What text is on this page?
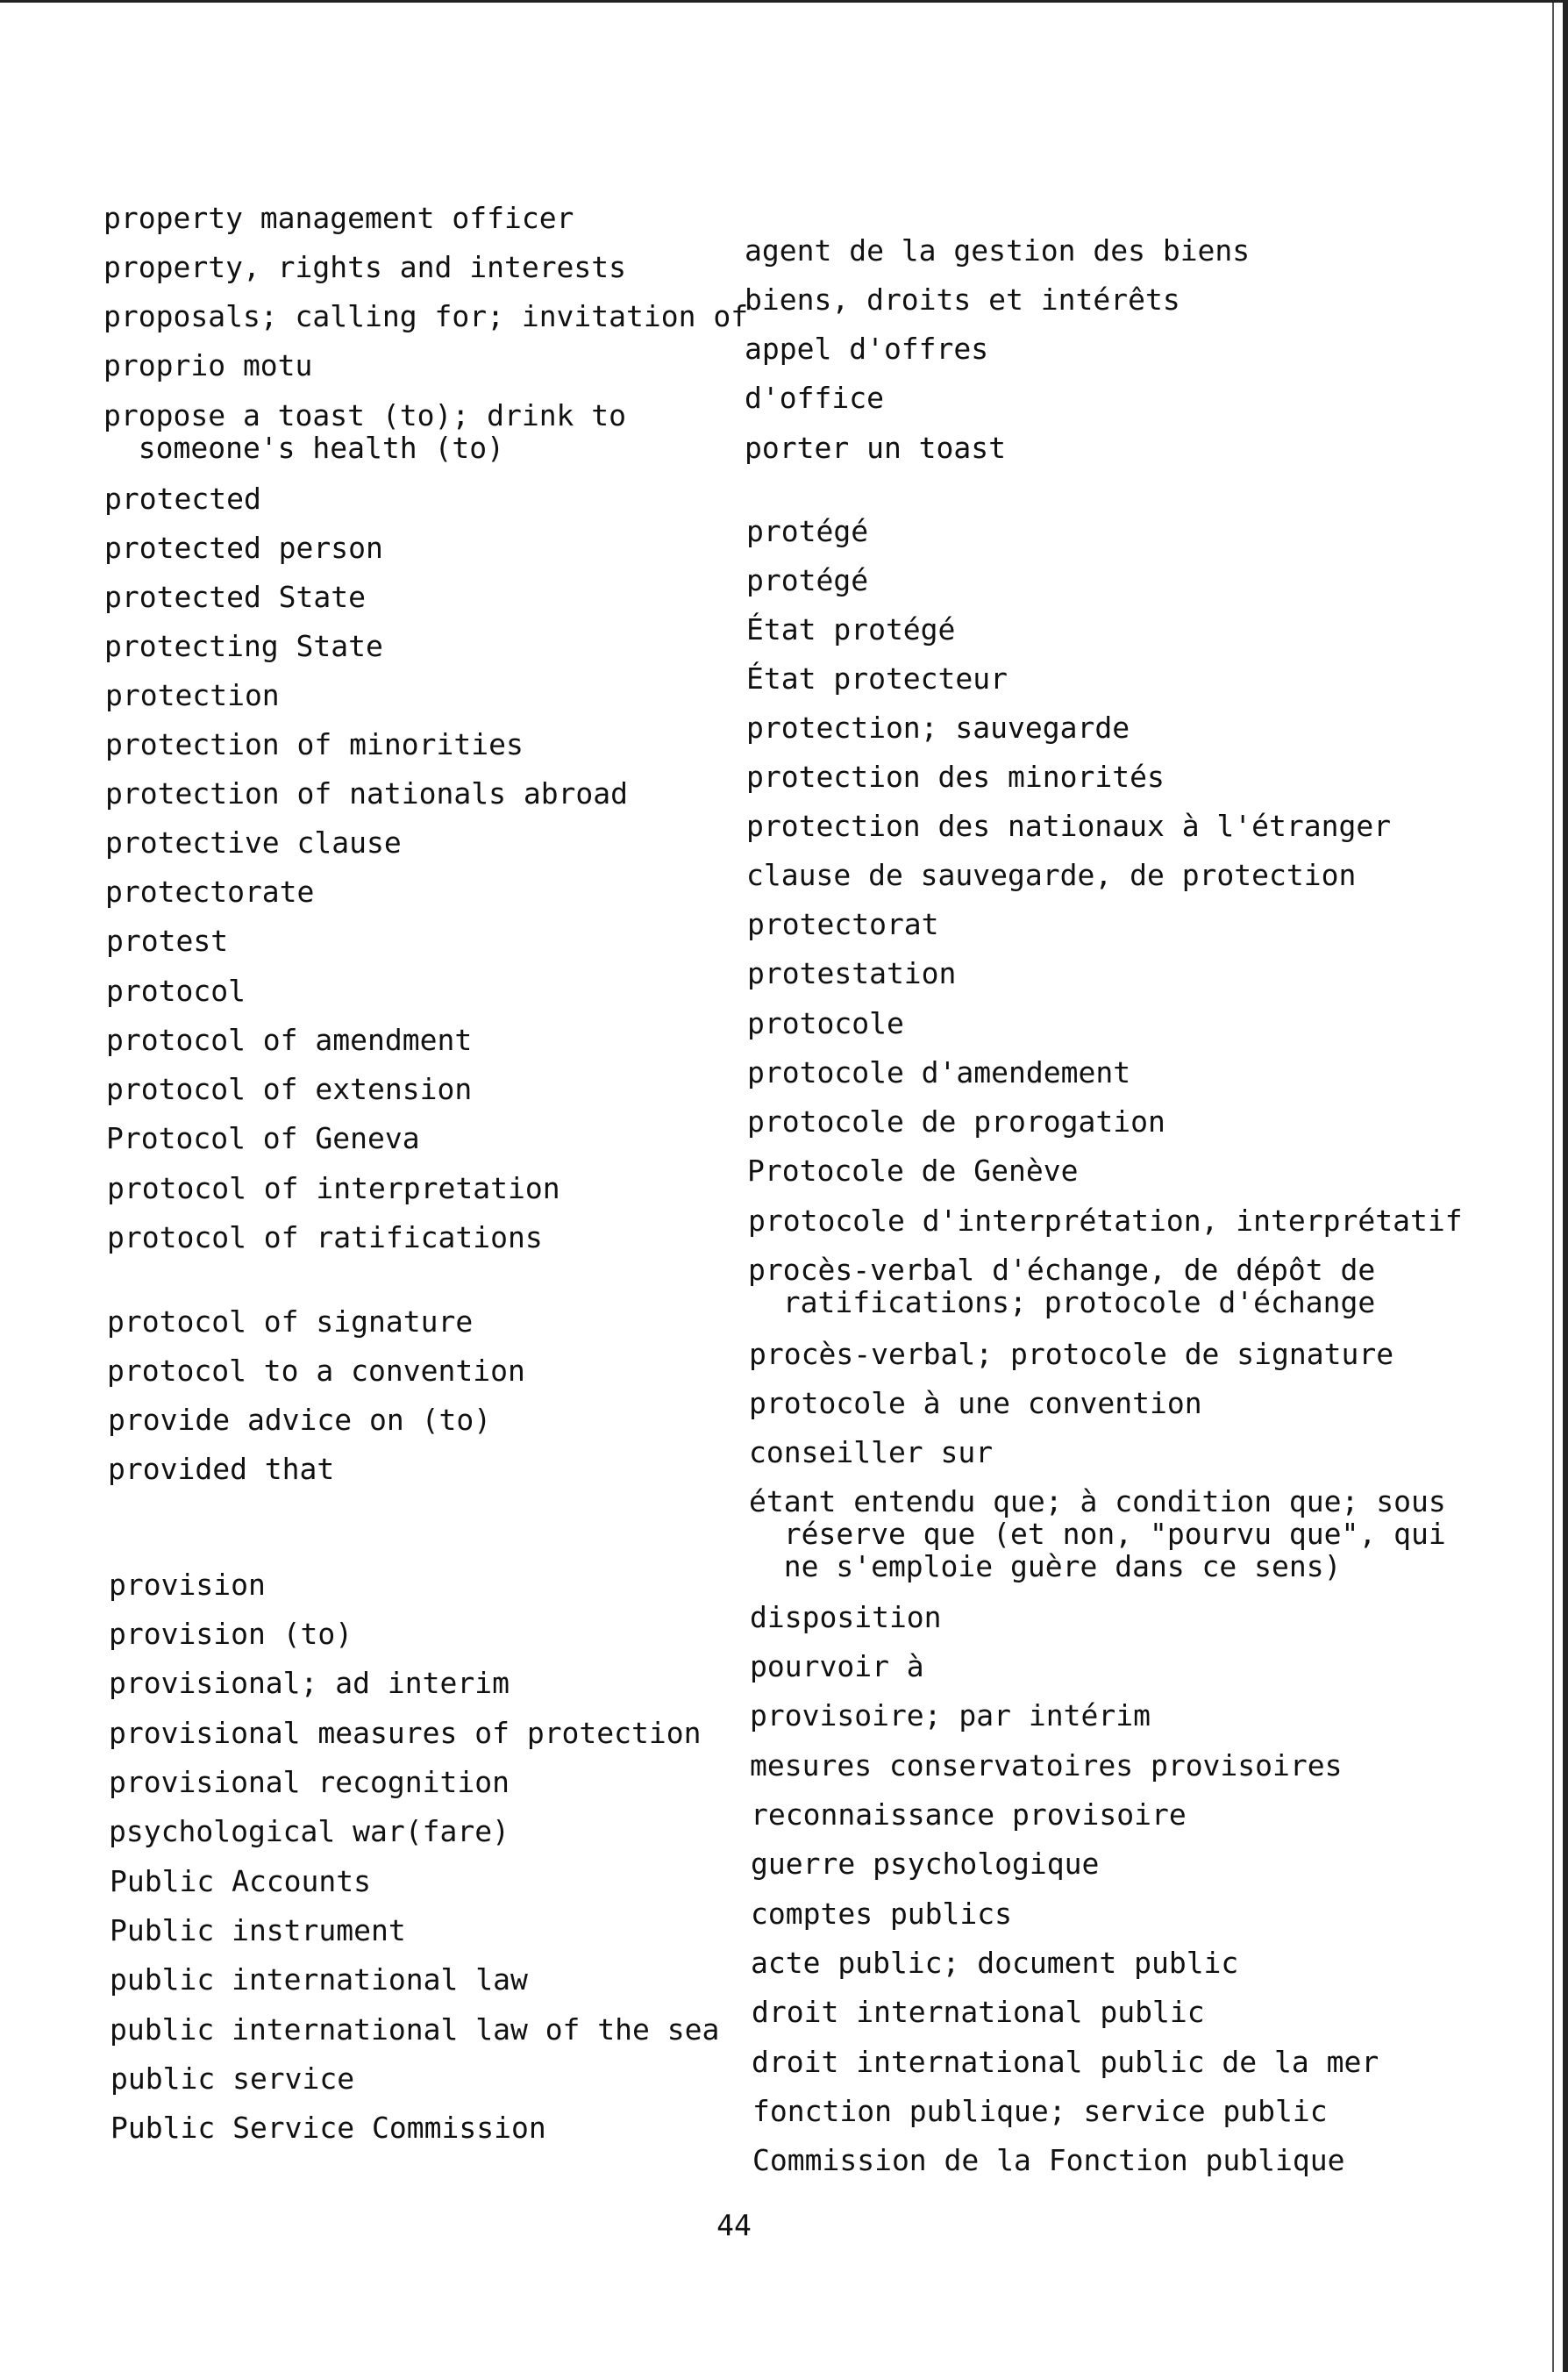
property management officer

agent de la gestion des biens

property, rights and interests

biens, droits et intérêts

proposals; calling for; invitation of

appel d'offres

proprio motu

d'office

propose a toast (to); drink to
someone's health (to)

	porter un toast

protected

protégé

protected person

protégé

protected State

État protégé

protecting State

État protecteur

protection

protection; sauvegarde

protection of minorities

protection des minorités

protection of nationals abroad

protection des nationaux à l'étranger

protective clause

clause de sauvegarde, de protection

protectorate

protectorat

protest

protestation

protocol

protocole

protocol of amendment

protocole d'amendement

protocol of extension

protocole de prorogation

Protocol of Geneva

Protocole de Genève

protocol of interpretation

protocole d'interprétation, interprétatif

protocol of ratifications

procès-verbal d'échange, de dépôt de
ratifications; protocole d'échange

protocol of signature

procès-verbal; protocole de signature

protocol to a convention

protocole à une convention

provide advice on (to)

conseiller sur

provided that

étant entendu que; à condition que; sous
réserve que (et non, "pourvu que", qui
ne s'emploie guère dans ce sens)

provision

disposition

provision (to)

pourvoir à

provisional; ad interim

provisoire; par intérim

provisional measures of protection

mesures conservatoires provisoires

provisional recognition

reconnaissance provisoire

psychological war(fare)

guerre psychologique

Public Accounts

comptes publics

Public instrument

acte public; document public

public international law

droit international public

public international law of the sea

droit international public de la mer

public service

fonction publique; service public

Public Service Commission

Commission de la Fonction publique

44
